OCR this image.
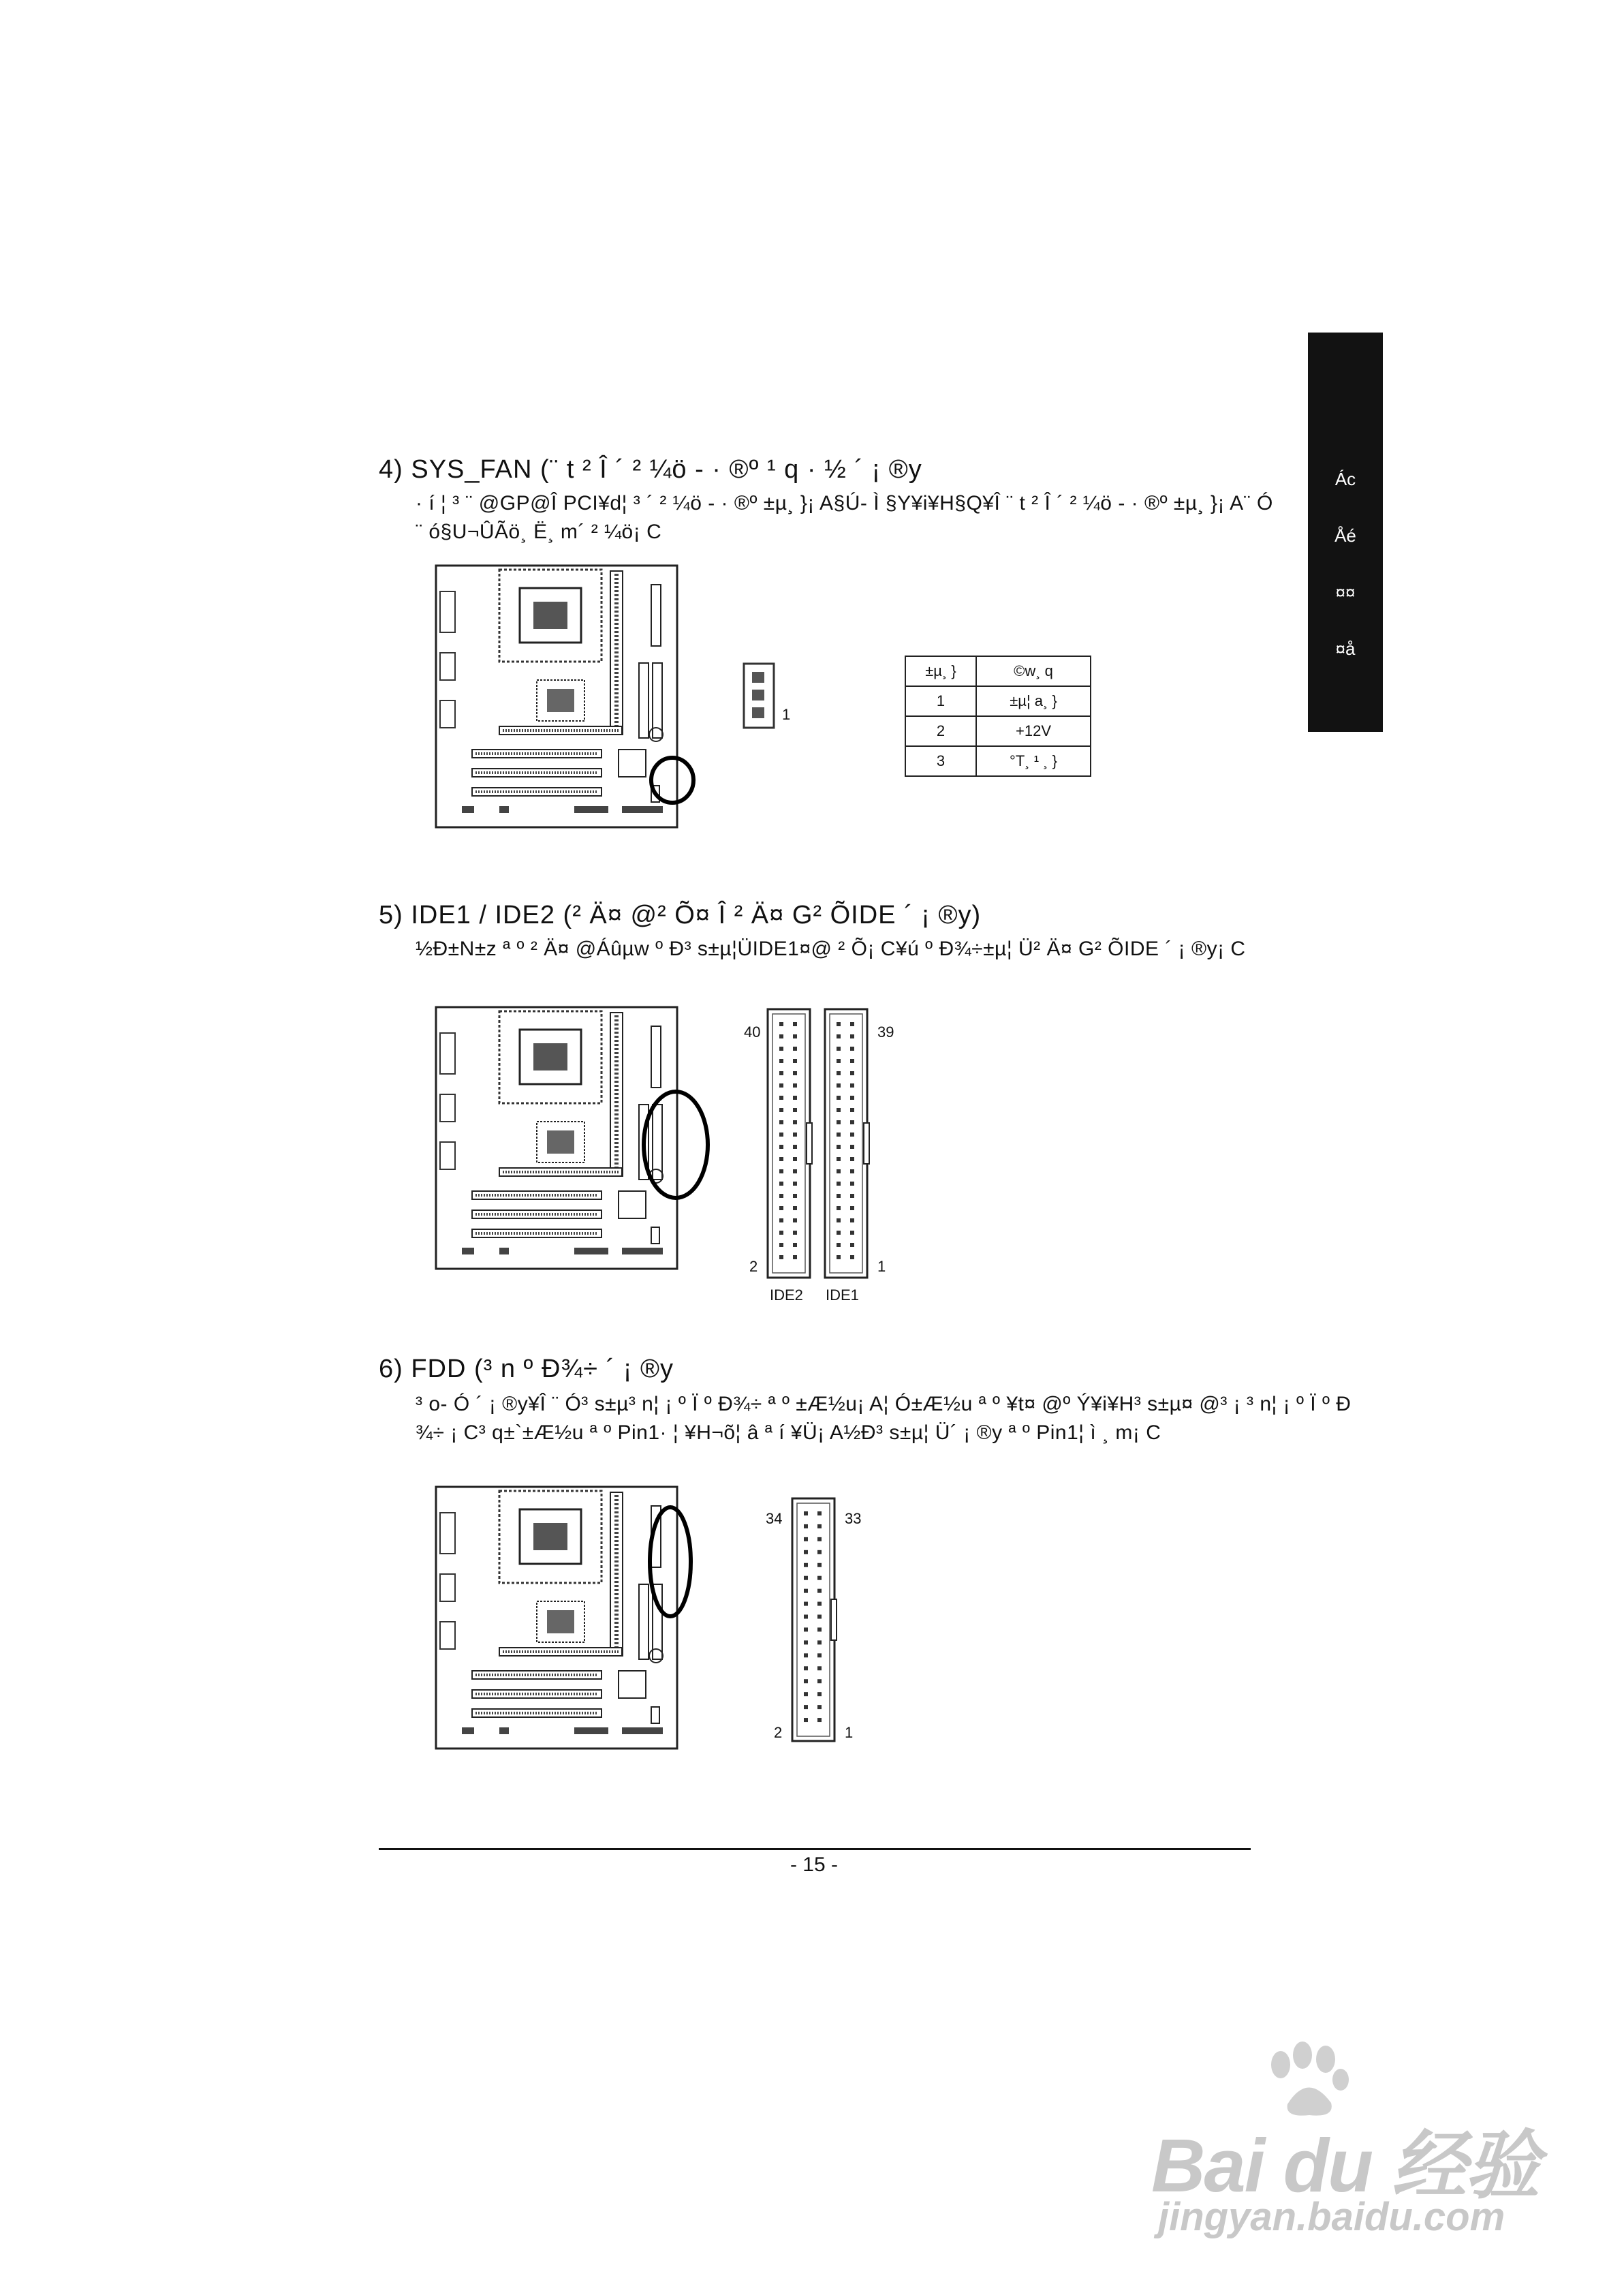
Ác
Åé
¤¤
¤å
4) SYS_FAN (¨ t ² Î ´ ² ¼ö - · ®º ¹ q · ½ ´ ¡ ®y
· í ¦ ³ ¨ @GP@Î PCI¥d¦ ³ ´ ² ¼ö - · ®º ±µ¸ }¡ A§Ú- Ì §Y¥i¥H§Q¥Î ¨ t ² Î ´ ² ¼ö - · ®º ±µ¸ }¡ A¨ Ó
¨ ó§U¬ÛÃö¸ Ë¸ m´ ² ¼ö¡ C
1
±µ¸ }	©w¸ q
1	±µ¦ a¸ }
2	+12V
3	°T¸ ¹ ¸ }
5) IDE1 / IDE2 (² Ä¤ @² Õ¤ Î ² Ä¤ G² ÕIDE ´ ¡ ®y)
½Ð±N±z ª º ² Ä¤ @Áûµw º Ð³ s±µ¦ÜIDE1¤@ ² Õ¡ C¥ú º Ð¾÷±µ¦ Ü² Ä¤ G² ÕIDE ´ ¡ ®y¡ C
40	39
2	1
IDE2 IDE1
6) FDD (³ n º Ð¾÷ ´ ¡ ®y
³ o- Ó ´ ¡ ®y¥Î ¨ Ó³ s±µ³ n¦ ¡ º Ï º Ð¾÷ ª º ±Æ½u¡ A¦ Ó±Æ½u ª º ¥t¤ @º Ý¥i¥H³ s±µ¤ @³ ¡ ³ n¦ ¡ º Ï º Ð
¾÷ ¡ C³ q±`±Æ½u ª º Pin1· ¦ ¥H¬õ¦ â ª í ¥Ü¡ A½Ð³ s±µ¦ Ü´ ¡ ®y ª º Pin1¦ ì ¸ m¡ C
34	33
2	1
- 15 -
Bai du 经验
jingyan.baidu.com
